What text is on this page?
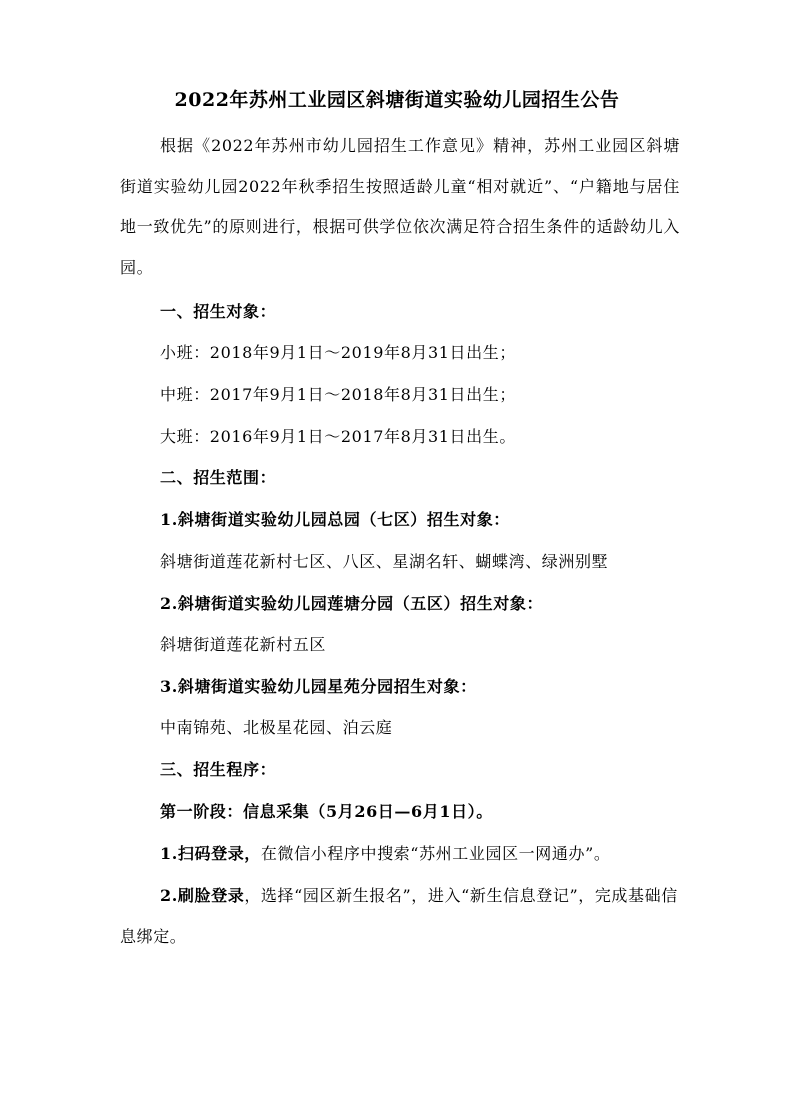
2022年苏州工业园区斜塘街道实验幼儿园招生公告
根据《2022年苏州市幼儿园招生工作意见》精神，苏州工业园区斜塘街道实验幼儿园2022年秋季招生按照适龄儿童“相对就近”、“户籍地与居住地一致优先”的原则进行，根据可供学位依次满足符合招生条件的适龄幼儿入园。
一、招生对象：
小班：2018年9月1日～2019年8月31日出生；
中班：2017年9月1日～2018年8月31日出生；
大班：2016年9月1日～2017年8月31日出生。
二、招生范围：
1.斜塘街道实验幼儿园总园（七区）招生对象：
斜塘街道莲花新村七区、八区、星湖名轩、蝴蝶湾、绿洲别墅
2.斜塘街道实验幼儿园莲塘分园（五区）招生对象：
斜塘街道莲花新村五区
3.斜塘街道实验幼儿园星苑分园招生对象：
中南锦苑、北极星花园、泊云庭
三、招生程序：
第一阶段：信息采集（5月26日—6月1日）。
1.扫码登录，在微信小程序中搜索“苏州工业园区一网通办”。
2.刷脸登录，选择“园区新生报名”，进入“新生信息登记”，完成基础信息绑定。
